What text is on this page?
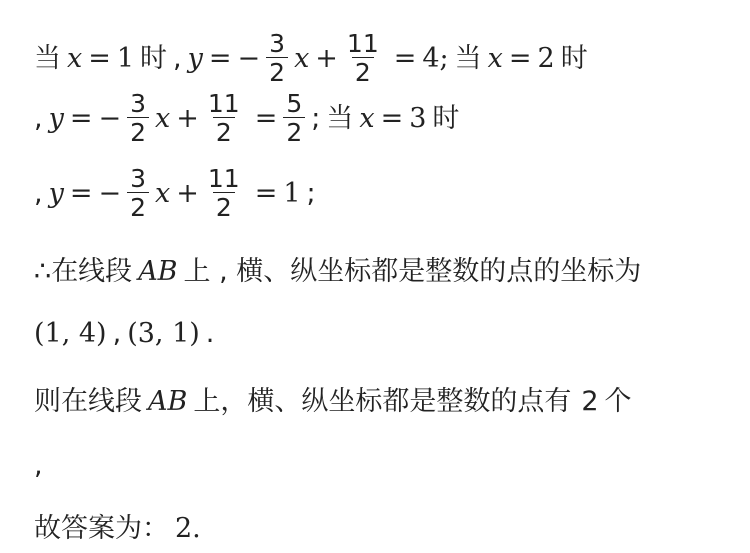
当 x = 1 时 , y = − $\frac{3}{2}$ $x + \frac{11}{2} = 4$; 当 x = 2 时
, y = − $\frac{3}{2}$ $x + \frac{11}{2} = \frac{5}{2}$ ; 当 x = 3 时
, y = − $\frac{3}{2}$ $x + \frac{11}{2} = 1$ ;
∴ 在线段 AB 上 , 横、纵坐标都是整数的点的坐标为
(1, 4) , (3, 1) .
则在线段 AB 上，横、纵坐标都是整数的点有 2 个
,
故答案为： 2.
